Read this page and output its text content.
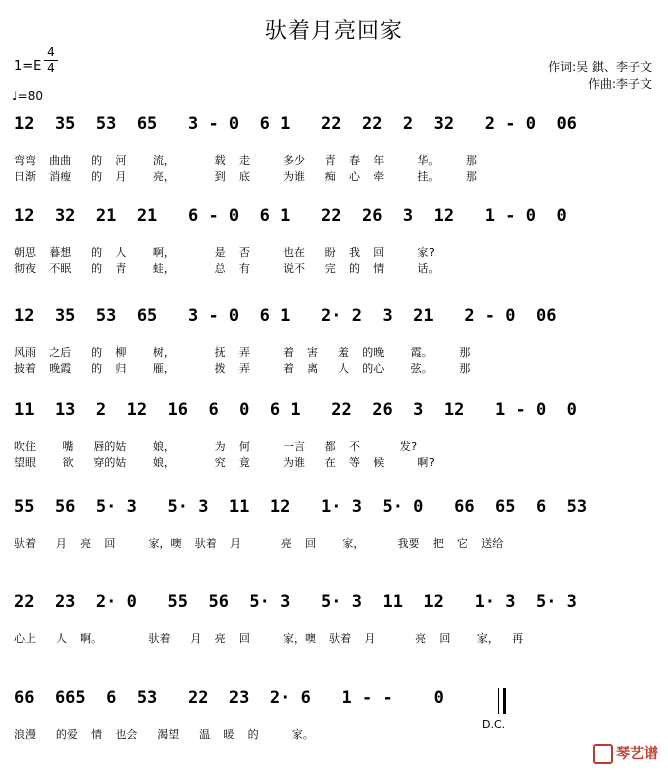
驮着月亮回家
1=E
4
4
♩=80
作词:吴 錤、李子文
作曲:李子文
12  35  53  65   3 - 0  6 1   22  22  2  32   2 - 0  06
弯弯  曲曲   的  河    流，      载  走     多少   青  春  年     华。    那
日渐  消瘦   的  月    亮，      到  底     为谁   痴  心  牵     挂。    那
12  32  21  21   6 - 0  6 1   22  26  3  12   1 - 0  0
朝思  暮想   的  人    啊，      是  否     也在   盼  我  回     家?
彻夜  不眠   的  青    蛙，      总  有     说不   完  的  情     话。
12  35  53  65   3 - 0  6 1   2· 2  3  21   2 - 0  06
风雨  之后   的  柳    树，      抚  弄     着  害   羞  的晚    霞。    那
披着  晚霞   的  归    雁，      拨  弄     着  离   人  的心    弦。    那
11  13  2  12  16  6  0  6 1   22  26  3  12   1 - 0  0
吹住    嘴   唇的姑    娘，      为  何     一言   都  不      发?
望眼    欲   穿的姑    娘，      究  竟     为谁   在  等  候     啊?
55  56  5· 3   5· 3  11  12   1· 3  5· 0   66  65  6  53
驮着   月  亮  回     家，噢  驮着  月      亮  回    家，     我要  把  它  送给
22  23  2· 0   55  56  5· 3   5· 3  11  12   1· 3  5· 3
心上   人  啊。       驮着   月  亮  回     家，噢  驮着  月      亮  回    家，  再
66  665  6  53   22  23  2· 6   1 - -    0
浪漫   的爱  情  也会   渴望   温  暖  的     家。
D.C.
琴艺谱
